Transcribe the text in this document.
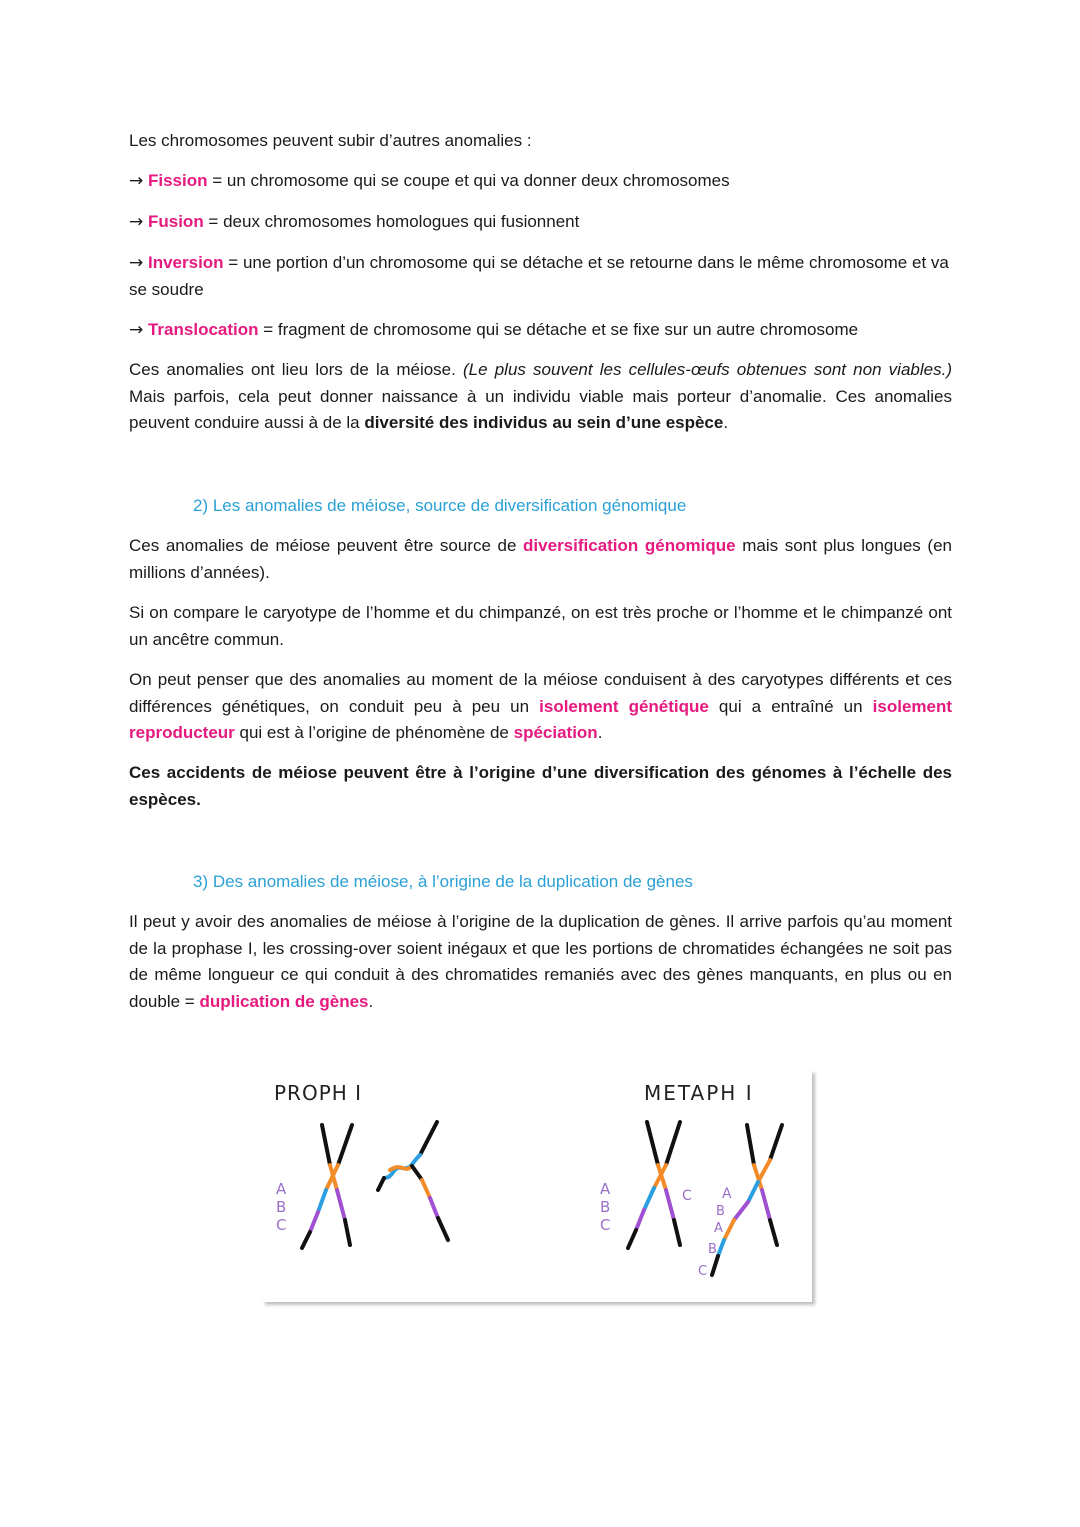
Les chromosomes peuvent subir d’autres anomalies :

→ Fission = un chromosome qui se coupe et qui va donner deux chromosomes

→ Fusion = deux chromosomes homologues qui fusionnent

→ Inversion = une portion d’un chromosome qui se détache et se retourne dans le même chromosome et va se soudre

→ Translocation = fragment de chromosome qui se détache et se fixe sur un autre chromosome

Ces anomalies ont lieu lors de la méiose. (Le plus souvent les cellules-œufs obtenues sont non viables.) Mais parfois, cela peut donner naissance à un individu viable mais porteur d’anomalie. Ces anomalies peuvent conduire aussi à de la diversité des individus au sein d’une espèce.

2) Les anomalies de méiose, source de diversification génomique

Ces anomalies de méiose peuvent être source de diversification génomique mais sont plus longues (en millions d’années).

Si on compare le caryotype de l’homme et du chimpanzé, on est très proche or l’homme et le chimpanzé ont un ancêtre commun.

On peut penser que des anomalies au moment de la méiose conduisent à des caryotypes différents et ces différences génétiques, on conduit peu à peu un isolement génétique qui a entraîné un isolement reproducteur qui est à l’origine de phénomène de spéciation.

Ces accidents de méiose peuvent être à l’origine d’une diversification des génomes à l’échelle des espèces.

3) Des anomalies de méiose, à l’origine de la duplication de gènes

Il peut y avoir des anomalies de méiose à l’origine de la duplication de gènes. Il arrive parfois qu’au moment de la prophase I, les crossing-over soient inégaux et que les portions de chromatides échangées ne soit pas de même longueur ce qui conduit à des chromatides remaniés avec des gènes manquants, en plus ou en double = duplication de gènes.

PROPH I	METAPH I
A
B
C
A
B
C
C A
B
A
B
C
